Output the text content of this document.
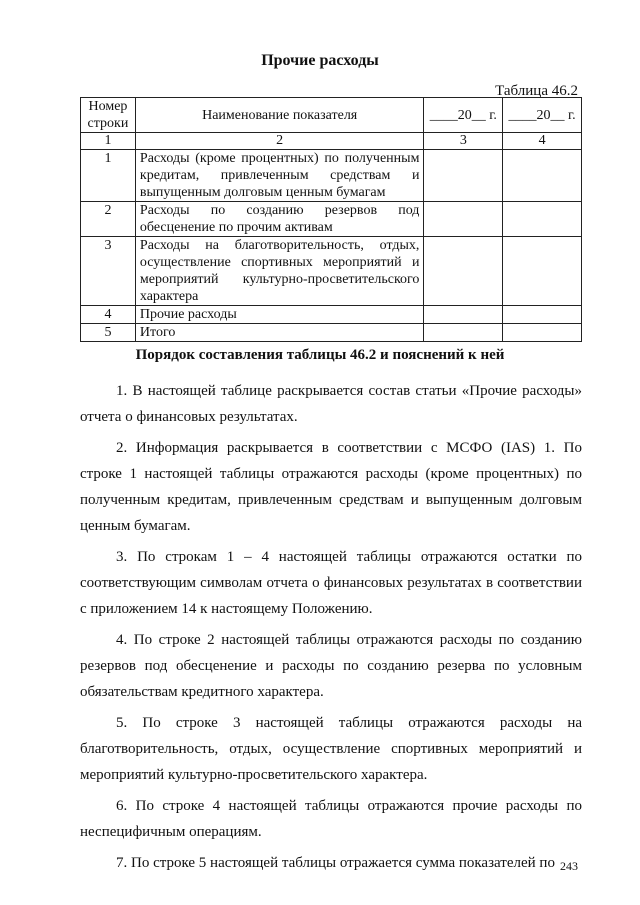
Прочие расходы
Таблица 46.2
Номер строки	Наименование показателя	____20__ г.	____20__ г.
1	2	3	4
1	Расходы (кроме процентных) по полученным кредитам, привлеченным средствам и выпущенным долговым ценным бумагам		
2	Расходы по созданию резервов под обесценение по прочим активам		
3	Расходы на благотворительность, отдых, осуществление спортивных мероприятий и мероприятий культурно-просветительского характера		
4	Прочие расходы		
5	Итого		
Порядок составления таблицы 46.2 и пояснений к ней

1. В настоящей таблице раскрывается состав статьи «Прочие расходы» отчета о финансовых результатах.

2. Информация раскрывается в соответствии с МСФО (IAS) 1. По строке 1 настоящей таблицы отражаются расходы (кроме процентных) по полученным кредитам, привлеченным средствам и выпущенным долговым ценным бумагам.

3. По строкам 1 – 4 настоящей таблицы отражаются остатки по соответствующим символам отчета о финансовых результатах в соответствии с приложением 14 к настоящему Положению.

4. По строке 2 настоящей таблицы отражаются расходы по созданию резервов под обесценение и расходы по созданию резерва по условным обязательствам кредитного характера.

5. По строке 3 настоящей таблицы отражаются расходы на благотворительность, отдых, осуществление спортивных мероприятий и мероприятий культурно-просветительского характера.

6. По строке 4 настоящей таблицы отражаются прочие расходы по неспецифичным операциям.

7. По строке 5 настоящей таблицы отражается сумма показателей по 243
